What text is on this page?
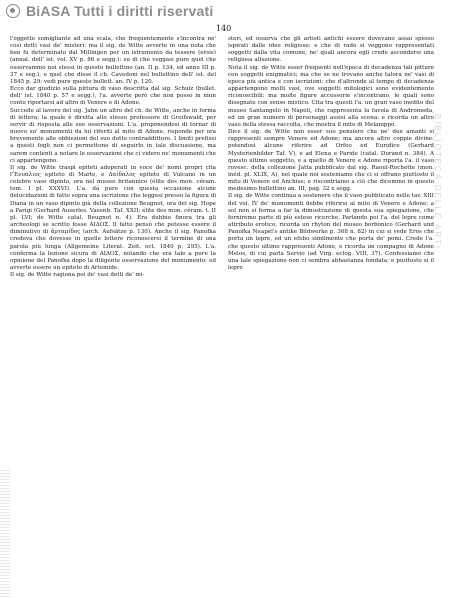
BiASA Tutti i diritti riservati
140
l'oggetto somigliante ad una scala, che frequentemente s'incontra ne' così detti vasi de' misteri: ma il sig. de Witte avverte in una nota che ben fu determinato dal Millingen per un istrumento da tessere (ersis) (annal. dell' ist. vol. XV p. 86 e segg.): su di che veggasi pure quel che osservammo noi stessi in questo bullettino (an. II p. 134, ed anno III p. 37 e seg.), e quel che disse il ch. Cavedoni nel bullettino dell' ist. del 1845 p. 29: vedi pure questo bullett. an. IV p. 120.
Ecco dar giudizio sulla pittura di vaso descritta dal sig. Schulz (bullet. dell' ist. 1840 p. 57 e segg.), l'a. avverte però che non posso in niun conto riportarsi ad altro di Venere e di Adone.
Succede al lavoro del sig. Jahn un altro del ch. de Witte, anche in forma di lettera; la quale è diretta allo stesso professore di Greifswald, per servir di risposta alle sue osservazioni. L'a. proponendosi di tornar di nuovo su' monumenti da lui riferiti al mito di Adone, risponde per ora brevemente alle obbiezioni del suo dotto contraddittore. I limiti prefissi a questi fogli non ci permettono di seguirlo in tale discussione, ma sarem contenti a notare le osservazioni che ci videro ne' monumenti che ci appartengono.
Il sig. de Witte traspi epiteti adoperati in voce de' nomi propri cita l'Ἐνυάλιος epiteto di Marte, e Δαίδαλος epiteto di Vulcano in un celebre vaso dipinto, ora nel museo britannico (élite des mon. céram. tom. I pl. XXXVI). L'a. dà pure con questa occasione alcune delucidazioni di fatto sopra una iscrizione che leggesi presso la figura di Diana in un vaso dipinto già della collezione Beugnot, ora del sig. Hope a Parigi (Gerhard Auserles. Vasenb. Taf. XXII; élite des mon. céram. t. II pl. LVI; de Witte catal. Beugnot n. 4). Era dubbio finora tra gli archeologi se scritto fosse ΑΙΔΟΣ. Il fatto pensò che potesse essere il diminutivo di ἄρταμίδος (arch. Aufsätze p. 130). Anche il sig. Panofka credeva che dovesse in quelle lettere riconoscersi il termine di una parola più lunga (Allgemeine Literat. Zeit. oct. 1840 p. 295). L'a. conferma la lezione sicura di ΑΙΔΟΣ, notando che era tale a pure la opinione del Panofka dopo la diligente osservazione del monumento: ed avverte essere un epiteto di Artemide.
Il sig. de Witte ragiona poi de' vasi detti de' mi-
steri, ed osserva che gli artisti antichi essere dovevano assai spesso ispirati dalle idee religiose: e che di rado si veggono rappresentati soggetti dalla vita comune, ne' quali ancora egli crede ascondersi una religiosa allusione.
Nota il sig. de Witte esser frequenti nell'epoca di decadenza tali pitture con soggetti enigmatici; ma che se ne trovano anche talora ne' vasi di epoca più antica e con iscrizioni: che d'altronde al tempo di decadenza appartengono molti vasi, ove soggetti mitologici sono evidentemente riconoscibili: ma molte figure accessorie s'incontrano, le quali sono disegnate con senso mistico. Cita tra questi l'a. un gran vaso inedito del museo Santangelo in Napoli, che rappresenta la favola di Andromeda, ed un gran numero di personaggi assisi alla scena: e ricorda un altro vaso della stessa raccolta, che mostra il mito di Melanippo.
Dice il sig. de Witte non esser suo pensiero che ne' due amanti si rappresenti sempre Venere ed Adone; ma ancora altre coppie divine: potendosi alcune riferire ad Orfeo ed Euridice (Gerhard Mysterienbilder Taf. V), e ad Elena e Paride (catal. Durand n. 384). A questo ultimo soggetto, e a quello di Venere e Adone riporta l'a. il vaso rovesc. della collezione Jatta pubblicato dal sig. Raoul-Rochette (mon. inéd. pl. XLIX, A), nel quale noi sosteniamo che ci si offrano piuttosto il mito di Venere ed Anchise; e riscontriamo a ciò che dicemmo in questo medesimo bullettino an. III, pag. 32 e segg.
Il sig. de Witte continua a sostenere che il vaso pubblicato nelle tav. XIII del vol. IV de' monumenti debbe riferirsi al mito di Venere e Adone; a sol non si ferma a far la dimostrazione di questa sua spiegazione, che forniremo parte di più estese ricerche. Parlando poi l'a. del lepre come attributo erotico, ricorda un rhyton del museo borbonico (Gerhard und Panofka Neapel's antike Bildwerke p. 368 n. 82) in cui si vede Eros che porta un lepre, ed un efebo similmente che porta de' pomi. Crede l'a. che questo ultimo rappresenti Adone, e ricorda un compagno di Adone Melos, di cui parla Servio (ad Virg. eclog. VIII, 37). Confessiamo che una tale spiegazione non ci sembra abbastanza fondata: e piuttosto si il lepre
BIBLIOTECA DELLE ARTI
